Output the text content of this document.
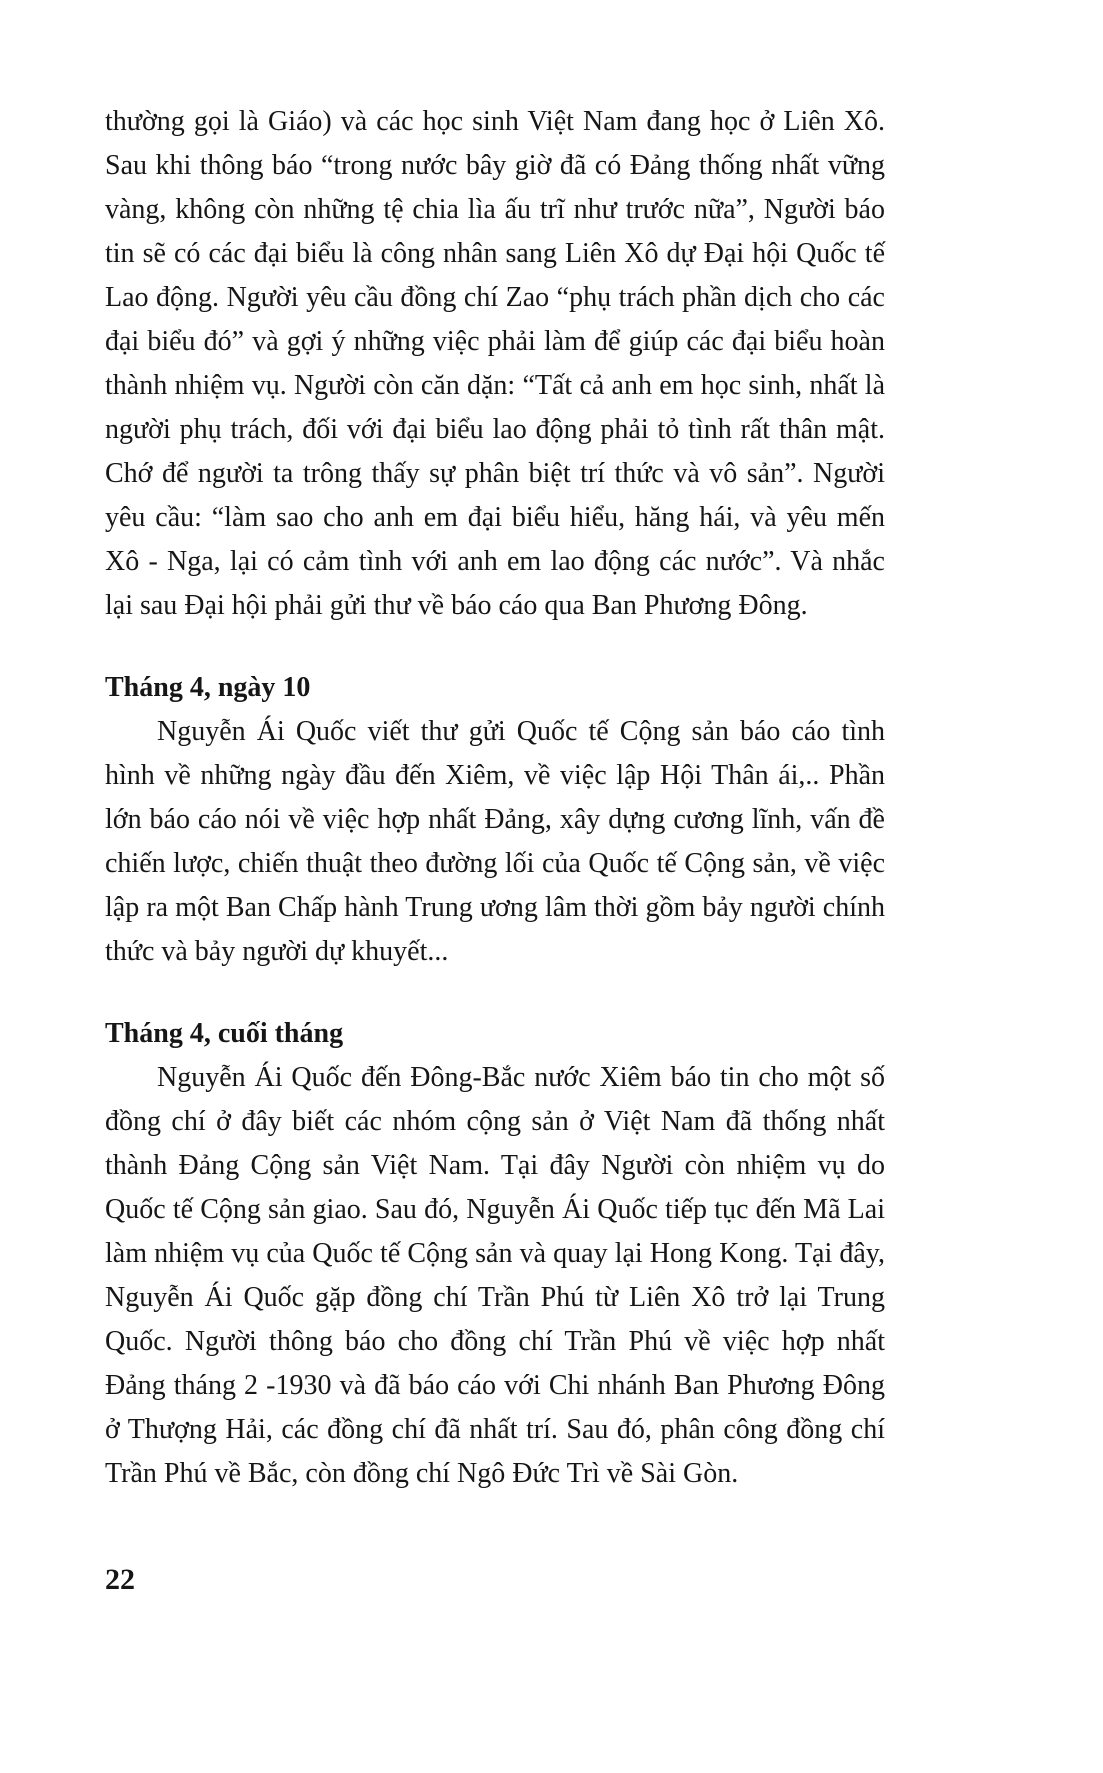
thường gọi là Giáo) và các học sinh Việt Nam đang học ở Liên Xô. Sau khi thông báo “trong nước bây giờ đã có Đảng thống nhất vững vàng, không còn những tệ chia lìa ấu trĩ như trước nữa”, Người báo tin sẽ có các đại biểu là công nhân sang Liên Xô dự Đại hội Quốc tế Lao động. Người yêu cầu đồng chí Zao “phụ trách phần dịch cho các đại biểu đó” và gợi ý những việc phải làm để giúp các đại biểu hoàn thành nhiệm vụ. Người còn căn dặn: “Tất cả anh em học sinh, nhất là người phụ trách, đối với đại biểu lao động phải tỏ tình rất thân mật. Chớ để người ta trông thấy sự phân biệt trí thức và vô sản”. Người yêu cầu: “làm sao cho anh em đại biểu hiểu, hăng hái, và yêu mến Xô - Nga, lại có cảm tình với anh em lao động các nước”. Và nhắc lại sau Đại hội phải gửi thư về báo cáo qua Ban Phương Đông.

Tháng 4, ngày 10

Nguyễn Ái Quốc viết thư gửi Quốc tế Cộng sản báo cáo tình hình về những ngày đầu đến Xiêm, về việc lập Hội Thân ái,.. Phần lớn báo cáo nói về việc hợp nhất Đảng, xây dựng cương lĩnh, vấn đề chiến lược, chiến thuật theo đường lối của Quốc tế Cộng sản, về việc lập ra một Ban Chấp hành Trung ương lâm thời gồm bảy người chính thức và bảy người dự khuyết...

Tháng 4, cuối tháng

Nguyễn Ái Quốc đến Đông-Bắc nước Xiêm báo tin cho một số đồng chí ở đây biết các nhóm cộng sản ở Việt Nam đã thống nhất thành Đảng Cộng sản Việt Nam. Tại đây Người còn nhiệm vụ do Quốc tế Cộng sản giao. Sau đó, Nguyễn Ái Quốc tiếp tục đến Mã Lai làm nhiệm vụ của Quốc tế Cộng sản và quay lại Hong Kong. Tại đây, Nguyễn Ái Quốc gặp đồng chí Trần Phú từ Liên Xô trở lại Trung Quốc. Người thông báo cho đồng chí Trần Phú về việc hợp nhất Đảng tháng 2 -1930 và đã báo cáo với Chi nhánh Ban Phương Đông ở Thượng Hải, các đồng chí đã nhất trí. Sau đó, phân công đồng chí Trần Phú về Bắc, còn đồng chí Ngô Đức Trì về Sài Gòn.

22
